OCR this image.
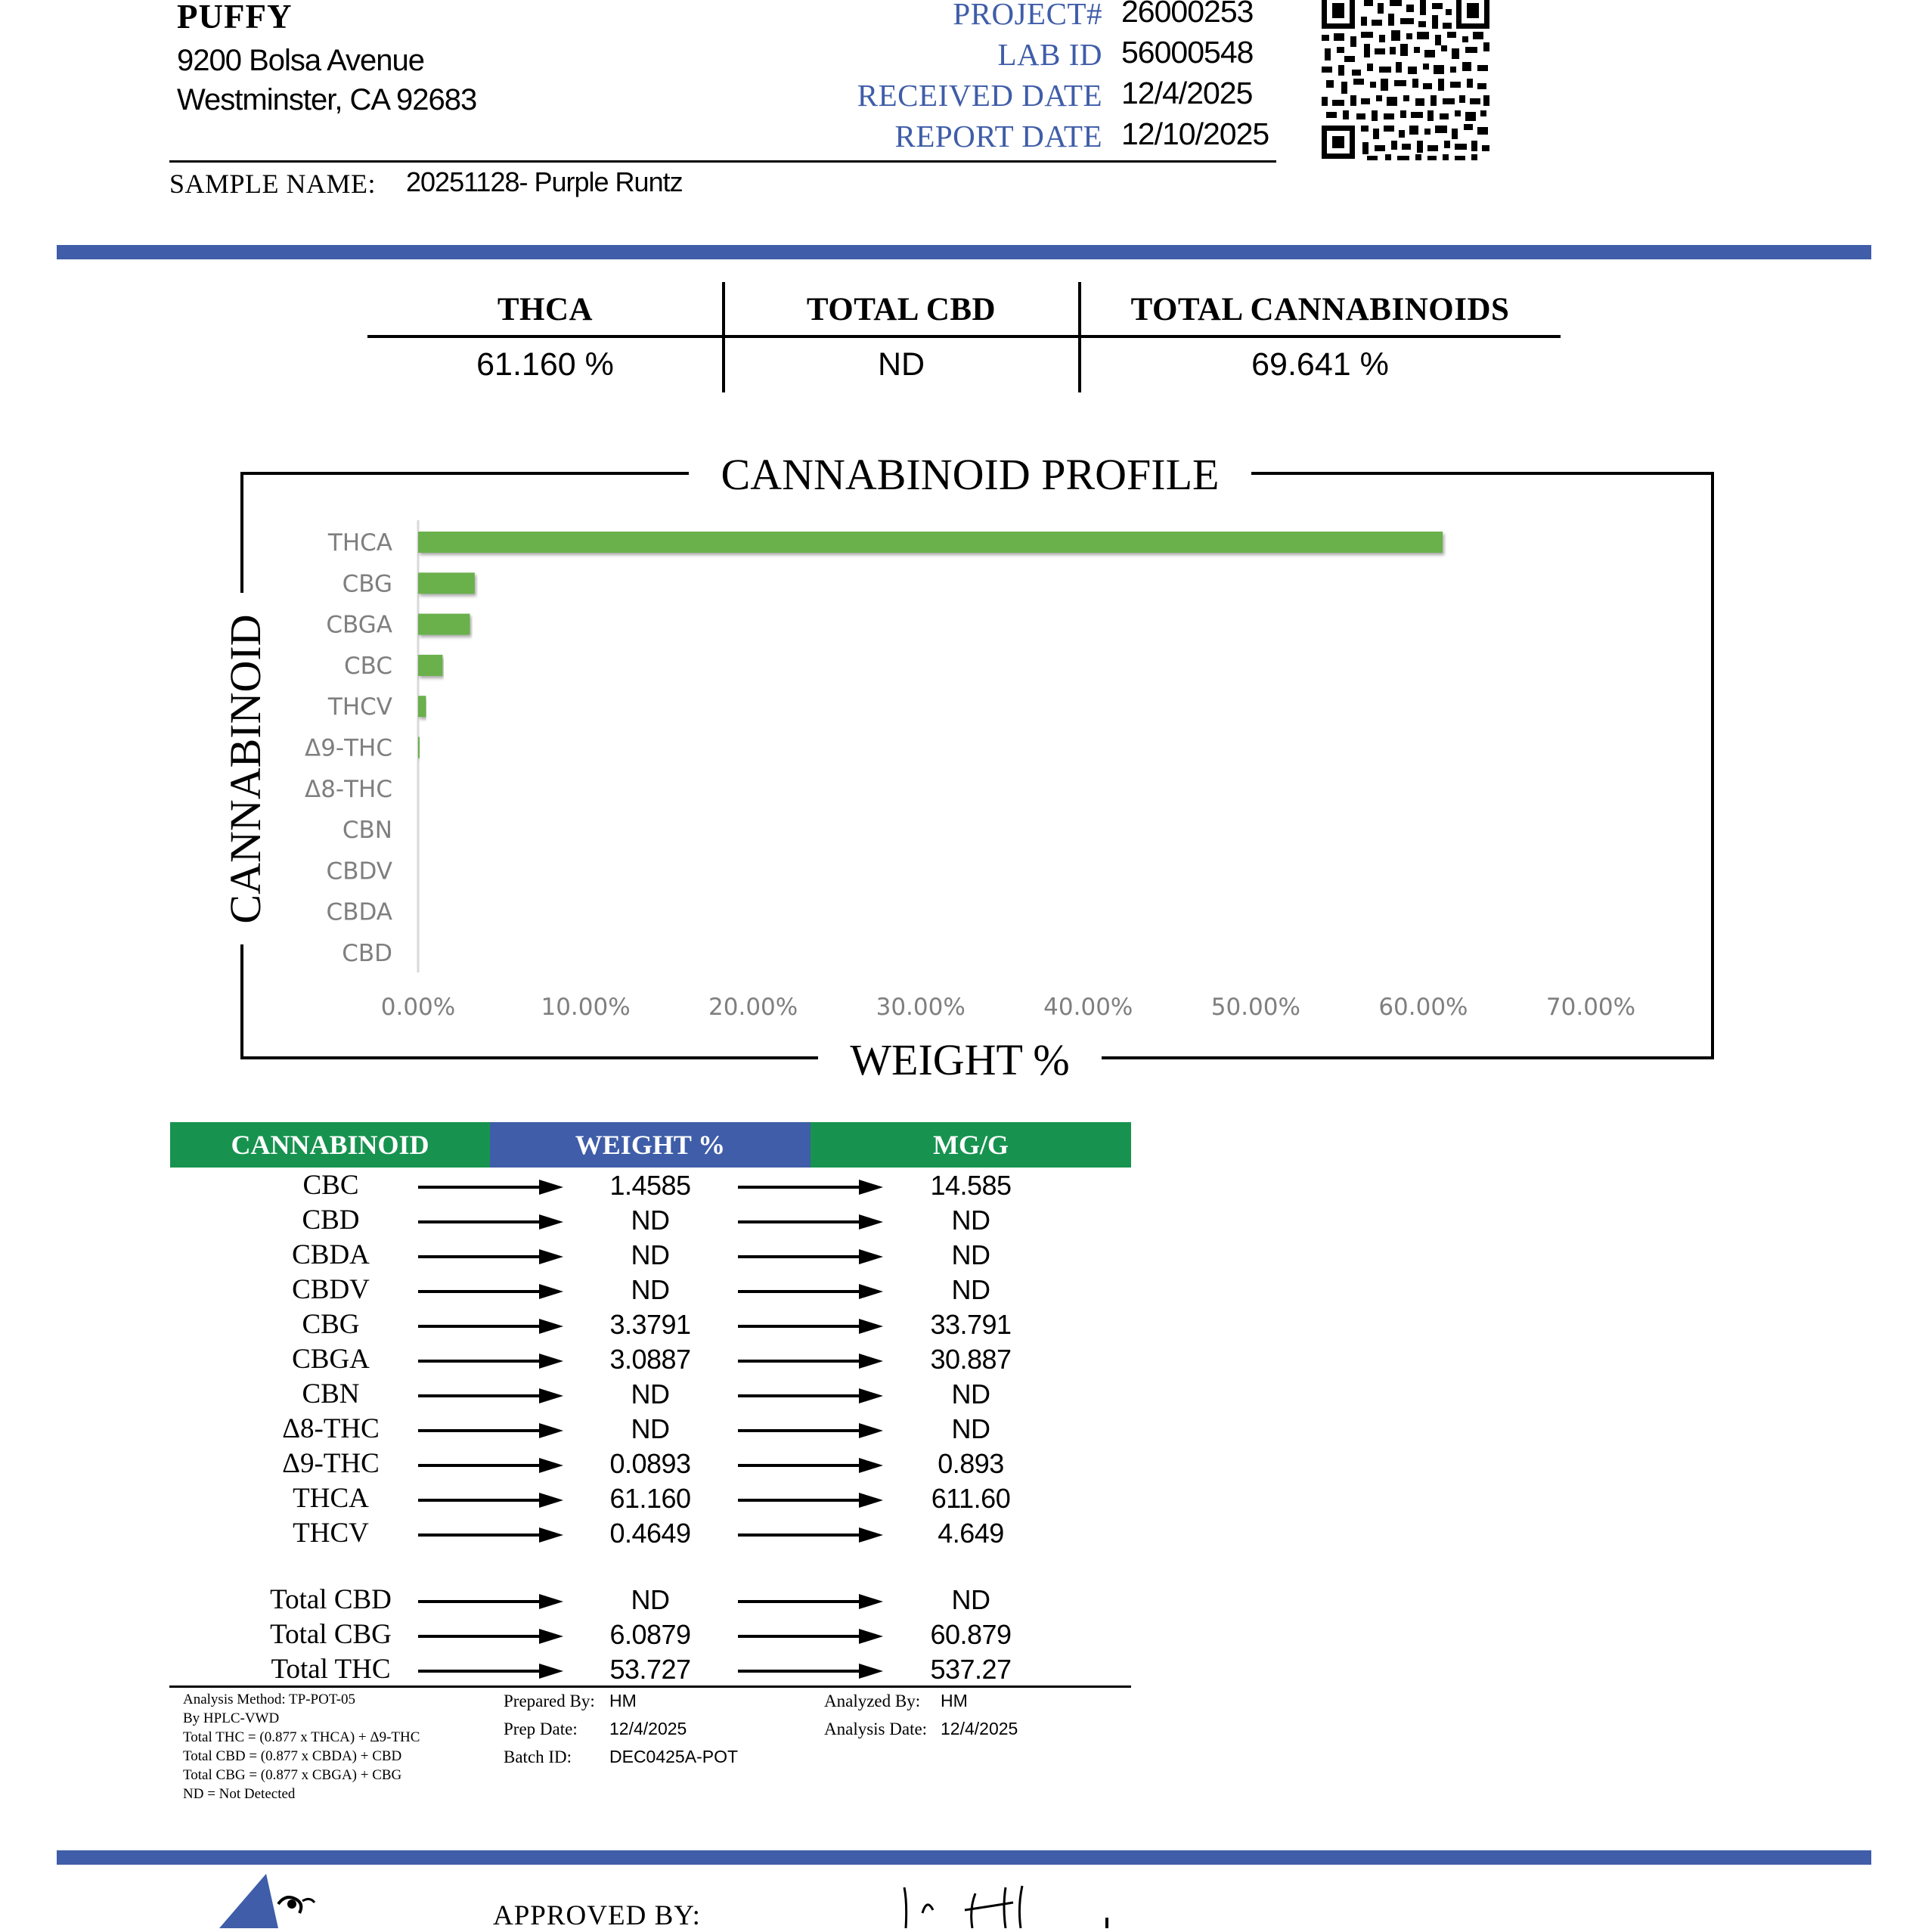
PUFFY
9200 Bolsa Avenue
Westminster, CA 92683
PROJECT# 26000253
LAB ID 56000548
RECEIVED DATE 12/4/2025
REPORT DATE 12/10/2025
SAMPLE NAME: 20251128- Purple Runtz
THCA	TOTAL CBD	TOTAL CANNABINOIDS
61.160 %	ND	69.641 %
CANNABINOID PROFILE
WEIGHT %
CANNABINOID
THCA
CBG
CBGA
CBC
THCV
Δ9-THC
Δ8-THC
CBN
CBDV
CBDA
CBD
0.00%	10.00%	20.00%	30.00%	40.00%	50.00%	60.00%	70.00%
CANNABINOID	WEIGHT %	MG/G
CBC	1.4585	14.585
CBD	ND	ND
CBDA	ND	ND
CBDV	ND	ND
CBG	3.3791	33.791
CBGA	3.0887	30.887
CBN	ND	ND
Δ8-THC	ND	ND
Δ9-THC	0.0893	0.893
THCA	61.160	611.60
THCV	0.4649	4.649
Total CBD	ND	ND
Total CBG	6.0879	60.879
Total THC	53.727	537.27
Analysis Method: TP-POT-05
By HPLC-VWD
Total THC = (0.877 x THCA) + Δ9-THC
Total CBD = (0.877 x CBDA) + CBD
Total CBG = (0.877 x CBGA) + CBG
ND = Not Detected
Prepared By: HM
Prep Date: 12/4/2025
Batch ID: DEC0425A-POT
Analyzed By: HM
Analysis Date: 12/4/2025
APPROVED BY:
